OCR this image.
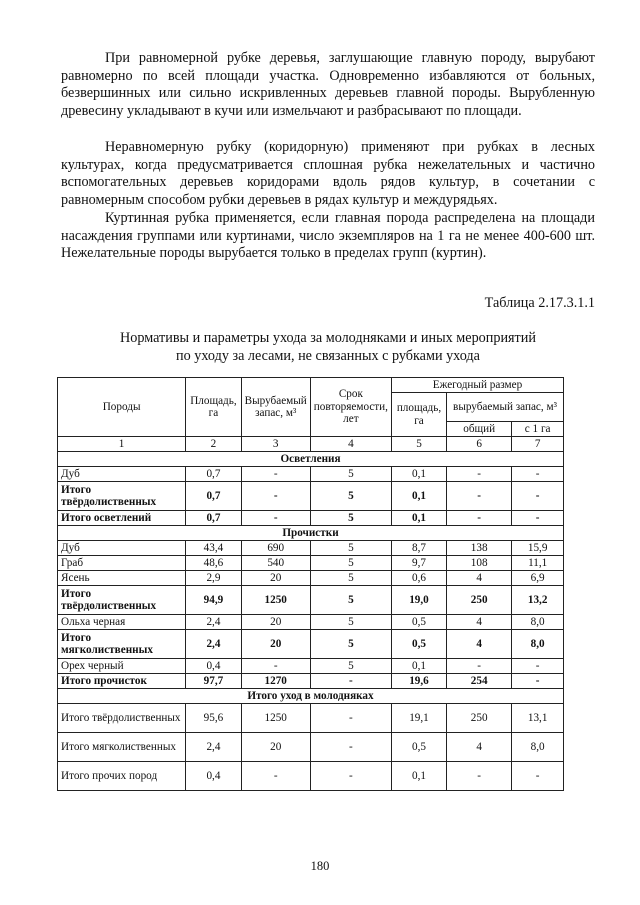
При равномерной рубке деревья, заглушающие главную породу, вырубают равномерно по всей площади участка. Одновременно избавляются от больных, безвершинных или сильно искривленных деревьев главной породы. Вырубленную древесину укладывают в кучи или измельчают и разбрасывают по площади.

Неравномерную рубку (коридорную) применяют при рубках в лесных культурах, когда предусматривается сплошная рубка нежелательных и частично вспомогательных деревьев коридорами вдоль рядов культур, в сочетании с равномерным способом рубки деревьев в рядах культур и междурядьях.

Куртинная рубка применяется, если главная порода распределена на площади насаждения группами или куртинами, число экземпляров на 1 га не менее 400-600 шт. Нежелательные породы вырубается только в пределах групп (куртин).

Таблица 2.17.3.1.1
Нормативы и параметры ухода за молодняками и иных мероприятий
по уходу за лесами, не связанных с рубками ухода
Породы	Площадь, га	Вырубаемый запас, м³	Срок повторяемости, лет	Ежегодный размер		
				площадь, га	вырубаемый запас, м³	
					общий	с 1 га
1	2	3	4	5	6	7
Осветления						
Дуб	0,7	-	5	0,1	-	-
Итого твёрдолиственных	0,7	-	5	0,1	-	-
Итого осветлений	0,7	-	5	0,1	-	-
Прочистки						
Дуб	43,4	690	5	8,7	138	15,9
Граб	48,6	540	5	9,7	108	11,1
Ясень	2,9	20	5	0,6	4	6,9
Итого твёрдолиственных	94,9	1250	5	19,0	250	13,2
Ольха черная	2,4	20	5	0,5	4	8,0
Итого мягколиственных	2,4	20	5	0,5	4	8,0
Орех черный	0,4	-	5	0,1	-	-
Итого прочисток	97,7	1270	-	19,6	254	-
Итого уход в молодняках						
Итого твёрдолиственных	95,6	1250	-	19,1	250	13,1
Итого мягколиственных	2,4	20	-	0,5	4	8,0
Итого прочих пород	0,4	-	-	0,1	-	-
180
